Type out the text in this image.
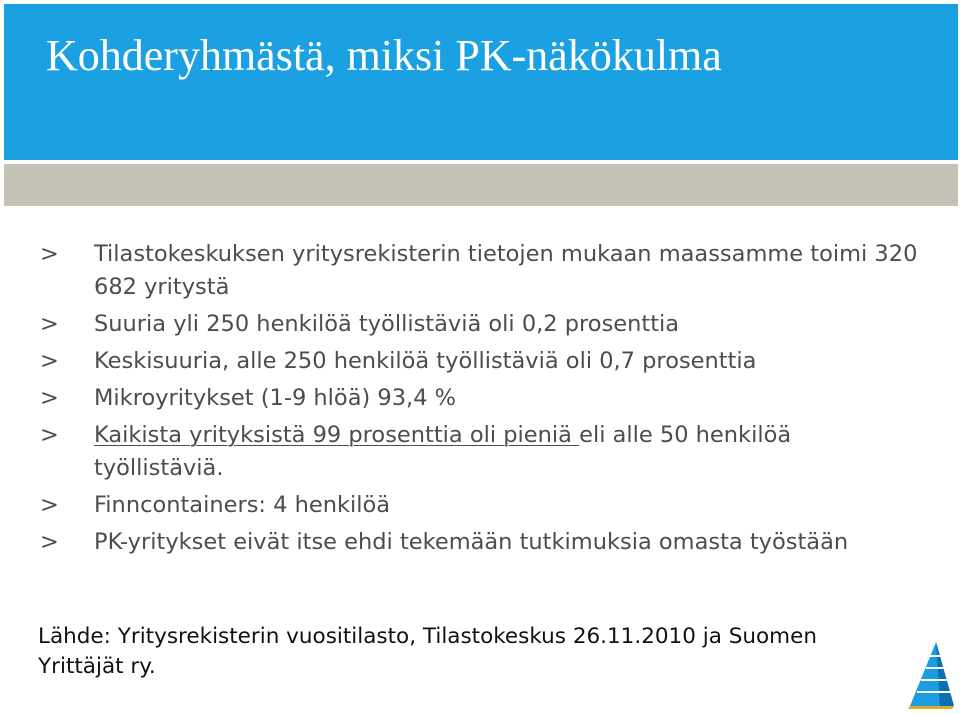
Kohderyhmästä, miksi PK-näkökulma
>	Tilastokeskuksen yritysrekisterin tietojen mukaan maassamme toimi 320 682 yritystä
>	Suuria yli 250 henkilöä työllistäviä oli 0,2 prosenttia
>	Keskisuuria, alle 250 henkilöä työllistäviä oli 0,7 prosenttia
>	Mikroyritykset (1-9 hlöä) 93,4 %
>	Kaikista yrityksistä 99 prosenttia oli pieniä eli alle 50 henkilöä työllistäviä.
>	Finncontainers: 4 henkilöä
>	PK-yritykset eivät itse ehdi tekemään tutkimuksia omasta työstään
Lähde: Yritysrekisterin vuositilasto, Tilastokeskus 26.11.2010 ja Suomen Yrittäjät ry.
